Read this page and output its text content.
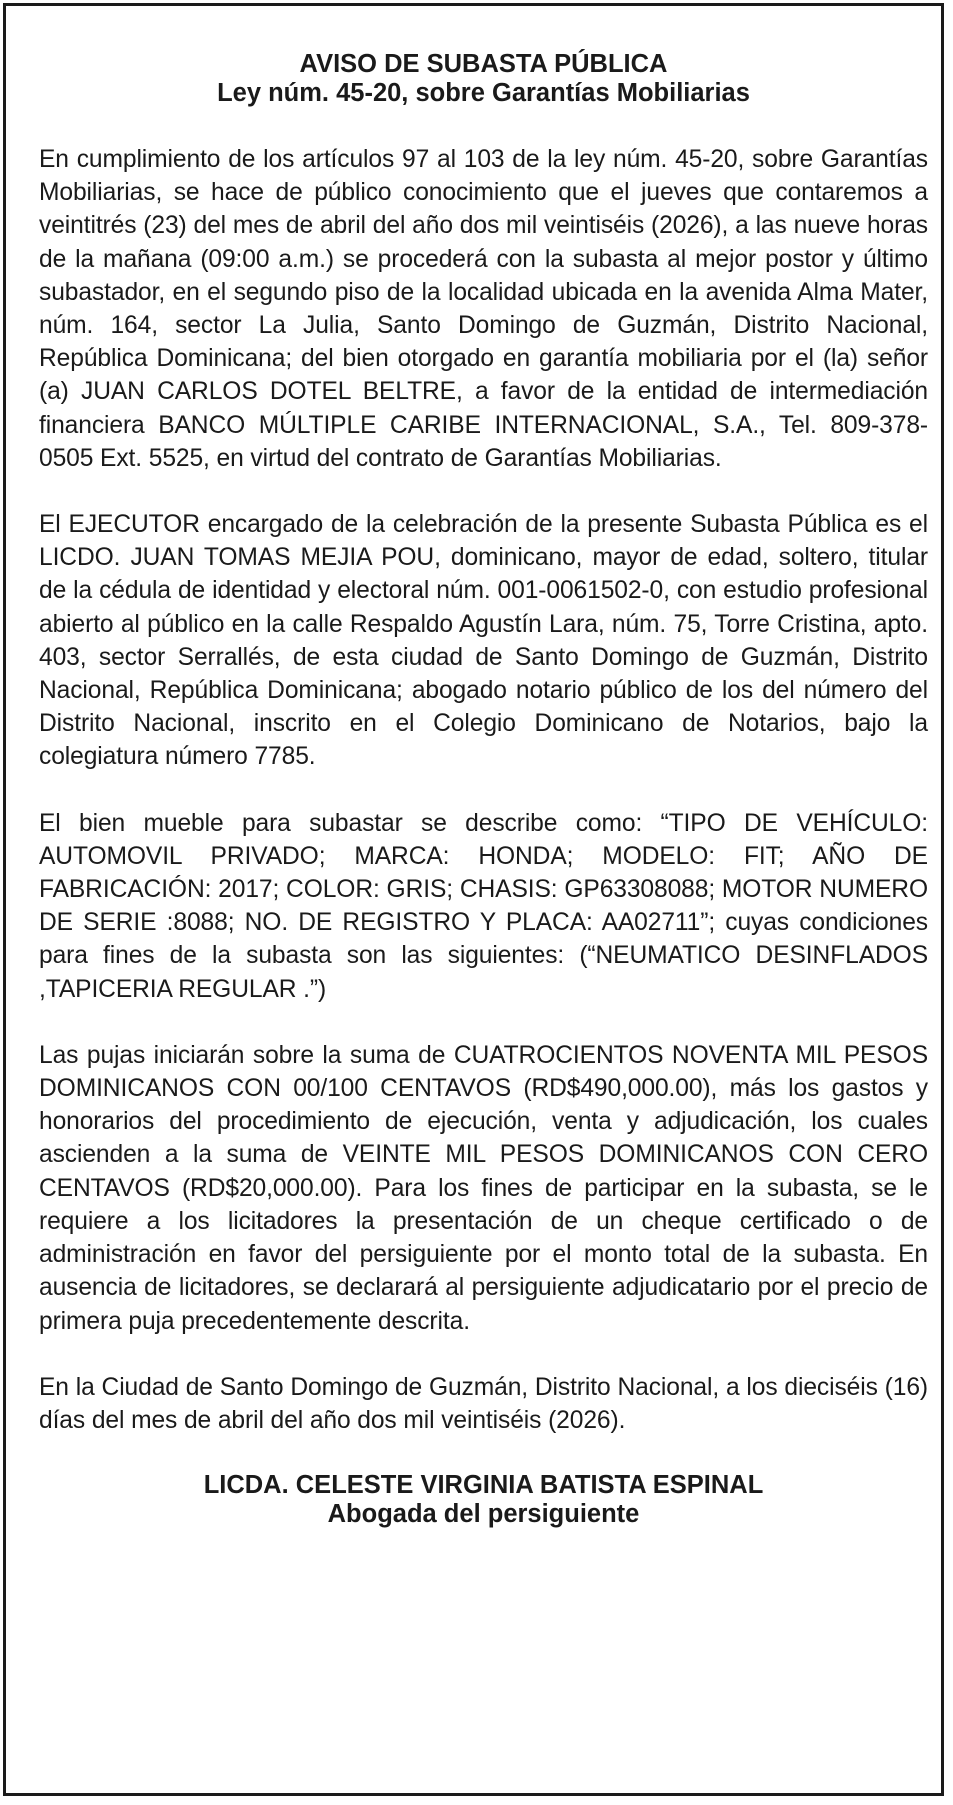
AVISO DE SUBASTA PÚBLICA
Ley núm. 45-20, sobre Garantías Mobiliarias

En cumplimiento de los artículos 97 al 103 de la ley núm. 45-20, sobre Garantías Mobiliarias, se hace de público conocimiento que el jueves que contaremos a veintitrés (23) del mes de abril del año dos mil veintiséis (2026), a las nueve horas de la mañana (09:00 a.m.) se procederá con la subasta al mejor postor y último subastador, en el segundo piso de la localidad ubicada en la avenida Alma Mater, núm. 164, sector La Julia, Santo Domingo de Guzmán, Distrito Nacional, República Dominicana; del bien otorgado en garantía mobiliaria por el (la) señor (a) JUAN CARLOS DOTEL BELTRE, a favor de la entidad de intermediación financiera BANCO MÚLTIPLE CARIBE INTERNACIONAL, S.A., Tel. 809-378-0505 Ext. 5525, en virtud del contrato de Garantías Mobiliarias.

El EJECUTOR encargado de la celebración de la presente Subasta Pública es el LICDO. JUAN TOMAS MEJIA POU, dominicano, mayor de edad, soltero, titular de la cédula de identidad y electoral núm. 001-0061502-0, con estudio profesional abierto al público en la calle Respaldo Agustín Lara, núm. 75, Torre Cristina, apto. 403, sector Serrallés, de esta ciudad de Santo Domingo de Guzmán, Distrito Nacional, República Dominicana; abogado notario público de los del número del Distrito Nacional, inscrito en el Colegio Dominicano de Notarios, bajo la colegiatura número 7785.

El bien mueble para subastar se describe como: “TIPO DE VEHÍCULO: AUTOMOVIL PRIVADO; MARCA: HONDA; MODELO: FIT; AÑO DE FABRICACIÓN: 2017; COLOR: GRIS; CHASIS: GP63308088; MOTOR NUMERO DE SERIE :8088; NO. DE REGISTRO Y PLACA: AA02711”; cuyas condiciones para fines de la subasta son las siguientes: (“NEUMATICO DESINFLADOS ,TAPICERIA REGULAR .”)

Las pujas iniciarán sobre la suma de CUATROCIENTOS NOVENTA MIL PESOS DOMINICANOS CON 00/100 CENTAVOS (RD$490,000.00), más los gastos y honorarios del procedimiento de ejecución, venta y adjudicación, los cuales ascienden a la suma de VEINTE MIL PESOS DOMINICANOS CON CERO CENTAVOS (RD$20,000.00). Para los fines de participar en la subasta, se le requiere a los licitadores la presentación de un cheque certificado o de administración en favor del persiguiente por el monto total de la subasta. En ausencia de licitadores, se declarará al persiguiente adjudicatario por el precio de primera puja precedentemente descrita.

En la Ciudad de Santo Domingo de Guzmán, Distrito Nacional, a los dieciséis (16) días del mes de abril del año dos mil veintiséis (2026).

LICDA. CELESTE VIRGINIA BATISTA ESPINAL
Abogada del persiguiente
